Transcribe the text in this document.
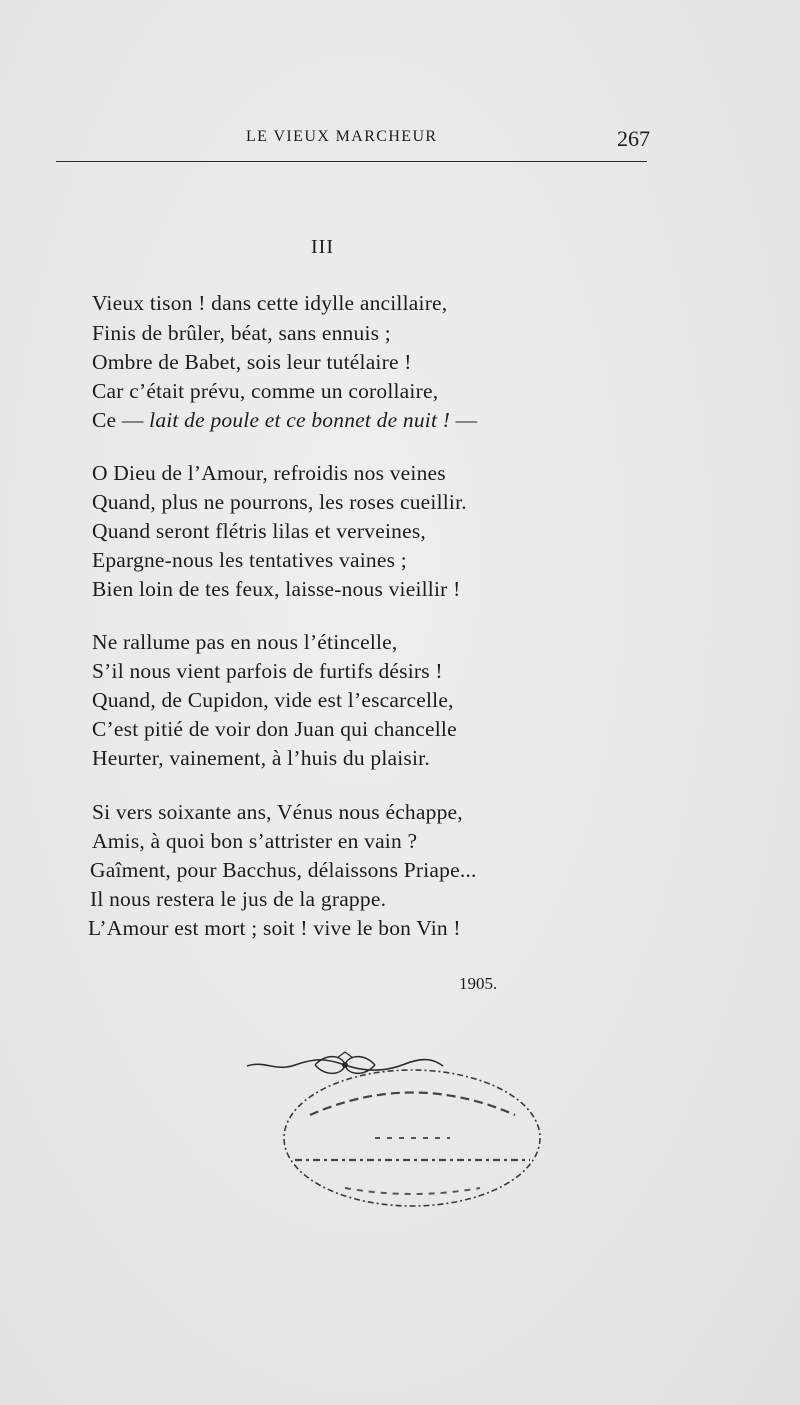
LE VIEUX MARCHEUR	267
III
Vieux tison ! dans cette idylle ancillaire,
Finis de brûler, béat, sans ennuis ;
Ombre de Babet, sois leur tutélaire !
Car c’était prévu, comme un corollaire,
Ce — lait de poule et ce bonnet de nuit ! —
O Dieu de l’Amour, refroidis nos veines
Quand, plus ne pourrons, les roses cueillir.
Quand seront flétris lilas et verveines,
Epargne-nous les tentatives vaines ;
Bien loin de tes feux, laisse-nous vieillir !
Ne rallume pas en nous l’étincelle,
S’il nous vient parfois de furtifs désirs !
Quand, de Cupidon, vide est l’escarcelle,
C’est pitié de voir don Juan qui chancelle
Heurter, vainement, à l’huis du plaisir.
Si vers soixante ans, Vénus nous échappe,
Amis, à quoi bon s’attrister en vain ?
Gaîment, pour Bacchus, délaissons Priape...
Il nous restera le jus de la grappe.
L’Amour est mort ; soit ! vive le bon Vin !
1905.
